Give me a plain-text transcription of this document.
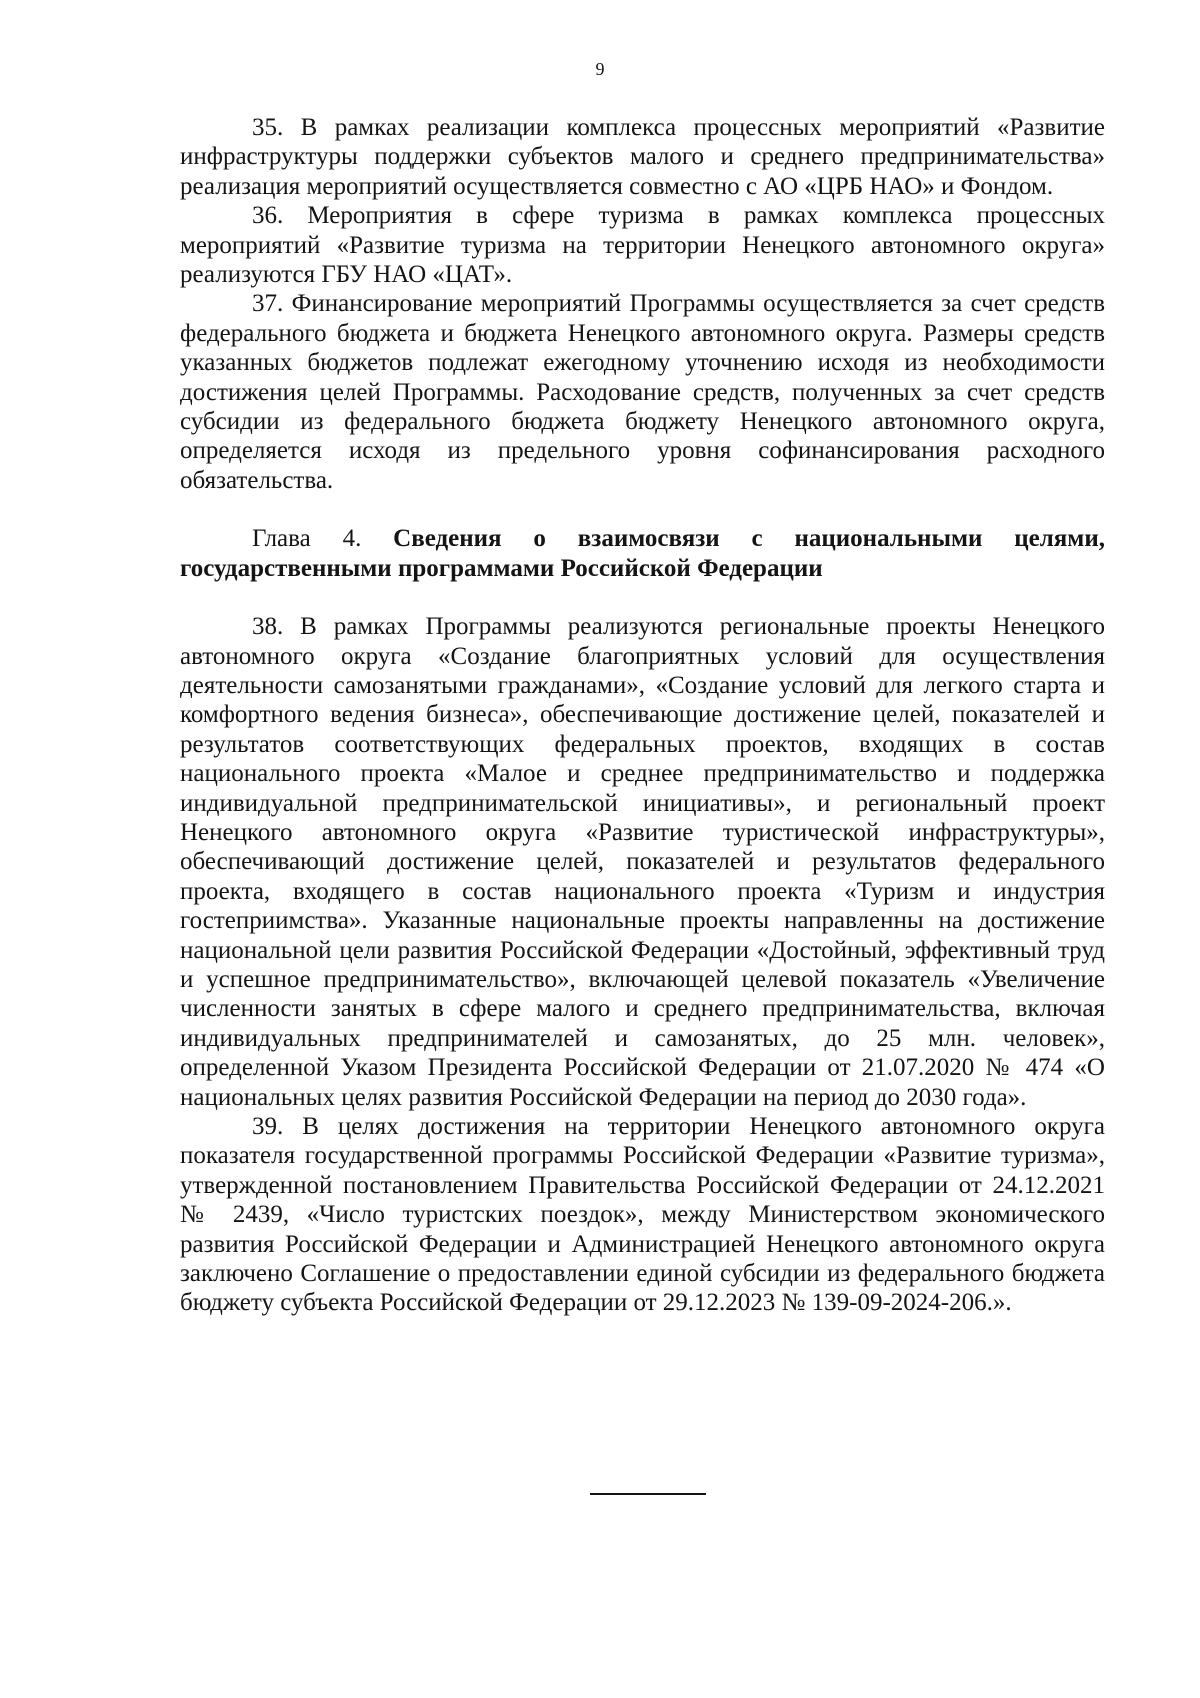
9

35. В рамках реализации комплекса процессных мероприятий «Развитие инфраструктуры поддержки субъектов малого и среднего предпринимательства» реализация мероприятий осуществляется совместно с АО «ЦРБ НАО» и Фондом.

36. Мероприятия в сфере туризма в рамках комплекса процессных мероприятий «Развитие туризма на территории Ненецкого автономного округа» реализуются ГБУ НАО «ЦАТ».

37. Финансирование мероприятий Программы осуществляется за счет средств федерального бюджета и бюджета Ненецкого автономного округа. Размеры средств указанных бюджетов подлежат ежегодному уточнению исходя из необходимости достижения целей Программы. Расходование средств, полученных за счет средств субсидии из федерального бюджета бюджету Ненецкого автономного округа, определяется исходя из предельного уровня софинансирования расходного обязательства.

Глава 4. Сведения о взаимосвязи с национальными целями, государственными программами Российской Федерации

38. В рамках Программы реализуются региональные проекты Ненецкого автономного округа «Создание благоприятных условий для осуществления деятельности самозанятыми гражданами», «Создание условий для легкого старта и комфортного ведения бизнеса», обеспечивающие достижение целей, показателей и результатов соответствующих федеральных проектов, входящих в состав национального проекта «Малое и среднее предпринимательство и поддержка индивидуальной предпринимательской инициативы», и региональный проект Ненецкого автономного округа «Развитие туристической инфраструктуры», обеспечивающий достижение целей, показателей и результатов федерального проекта, входящего в состав национального проекта «Туризм и индустрия гостеприимства». Указанные национальные проекты направленны на достижение национальной цели развития Российской Федерации «Достойный, эффективный труд и успешное предпринимательство», включающей целевой показатель «Увеличение численности занятых в сфере малого и среднего предпринимательства, включая индивидуальных предпринимателей и самозанятых, до 25 млн. человек», определенной Указом Президента Российской Федерации от 21.07.2020 № 474 «О национальных целях развития Российской Федерации на период до 2030 года».

39. В целях достижения на территории Ненецкого автономного округа показателя государственной программы Российской Федерации «Развитие туризма», утвержденной постановлением Правительства Российской Федерации от 24.12.2021 № 2439, «Число туристских поездок», между Министерством экономического развития Российской Федерации и Администрацией Ненецкого автономного округа заключено Соглашение о предоставлении единой субсидии из федерального бюджета бюджету субъекта Российской Федерации от 29.12.2023 № 139-09-2024-206.».
